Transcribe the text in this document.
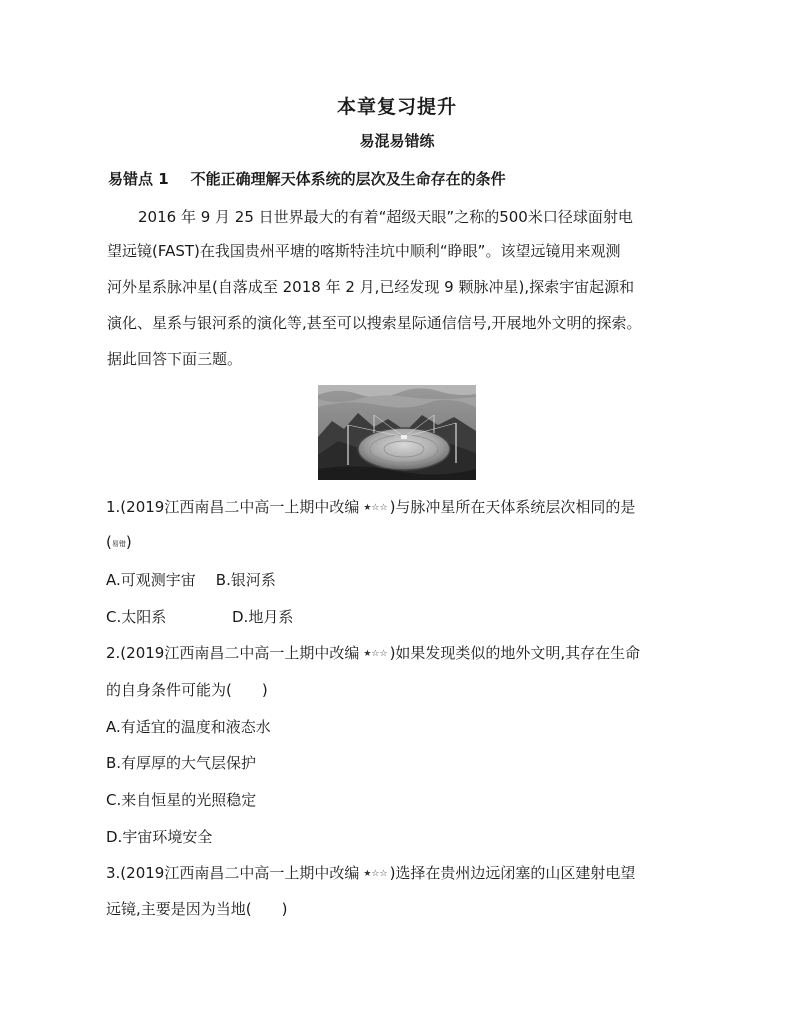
本章复习提升
易混易错练
易错点 1 不能正确理解天体系统的层次及生命存在的条件
2016 年 9 月 25 日世界最大的有着“超级天眼”之称的500米口径球面射电
望远镜(FAST)在我国贵州平塘的喀斯特洼坑中顺利“睁眼”。该望远镜用来观测
河外星系脉冲星(自落成至 2018 年 2 月,已经发现 9 颗脉冲星),探索宇宙起源和
演化、星系与银河系的演化等,甚至可以搜索星际通信信号,开展地外文明的探索。
据此回答下面三题。
1.(2019江西南昌二中高一上期中改编 ★☆☆ )与脉冲星所在天体系统层次相同的是
(易错)
A.可观测宇宙 B.银河系
C.太阳系	D.地月系
2.(2019江西南昌二中高一上期中改编 ★☆☆ )如果发现类似的地外文明,其存在生命
的自身条件可能为(　　)
A.有适宜的温度和液态水
B.有厚厚的大气层保护
C.来自恒星的光照稳定
D.宇宙环境安全
3.(2019江西南昌二中高一上期中改编 ★☆☆ )选择在贵州边远闭塞的山区建射电望
远镜,主要是因为当地(　　)
